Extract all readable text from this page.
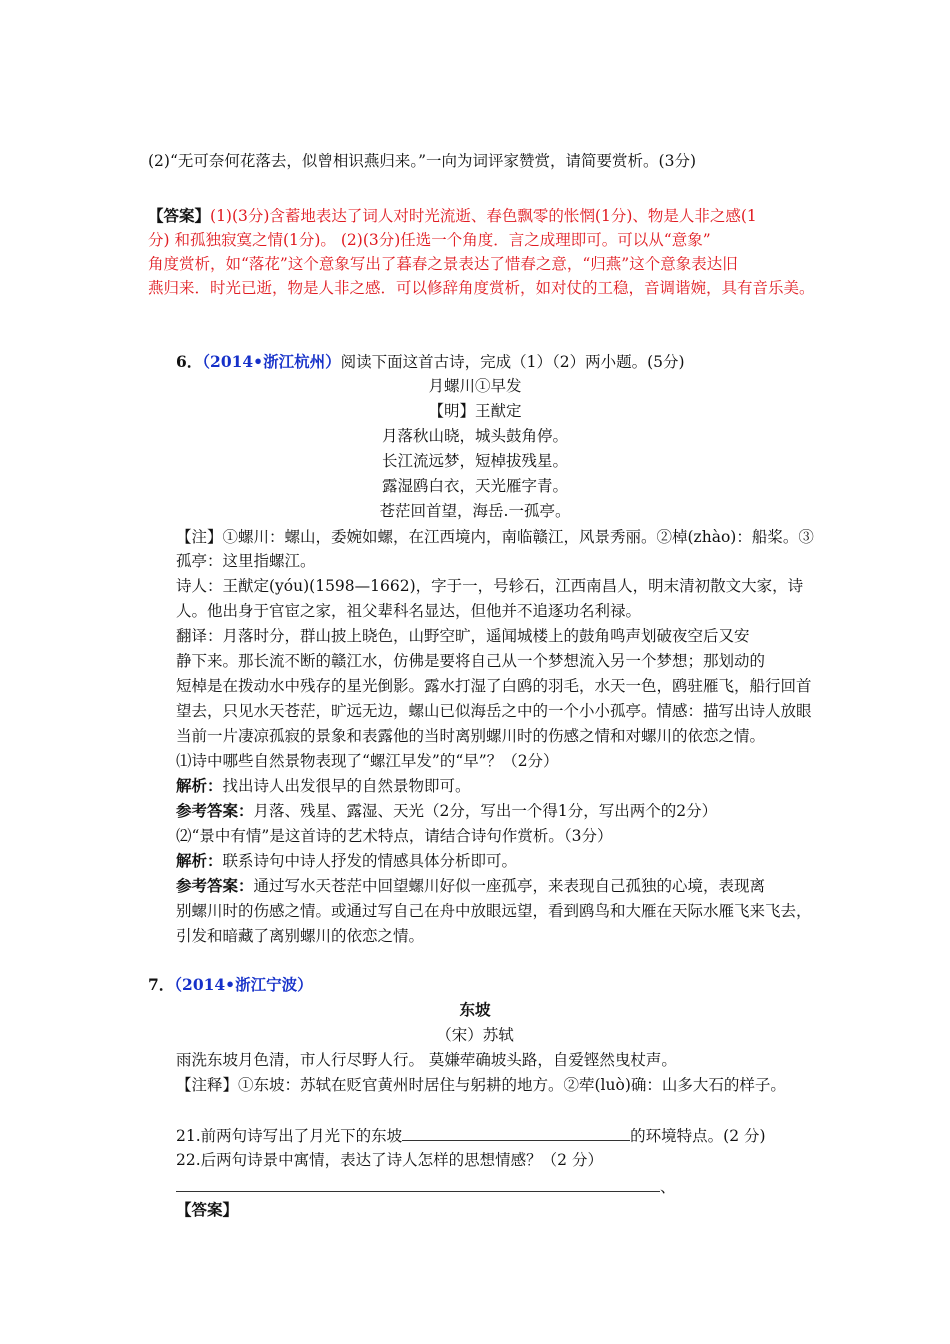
(2)“无可奈何花落去，似曾相识燕归来。”一向为词评家赞赏，请简要赏析。(3分)
【答案】(1)(3分)含蓄地表达了词人对时光流逝、春色飘零的怅惘(1分)、物是人非之感(1
分) 和孤独寂寞之情(1分)。 (2)(3分)任选一个角度．言之成理即可。可以从“意象”
角度赏析，如“落花”这个意象写出了暮春之景表达了惜春之意，“归燕”这个意象表达旧
燕归来．时光已逝，物是人非之感．可以修辞角度赏析，如对仗的工稳，音调谐婉，具有音乐美。
6．（2014•浙江杭州）阅读下面这首古诗，完成（1）（2）两小题。(5分)
月螺川①早发
【明】王猷定
月落秋山晓，城头鼓角停。
长江流远梦，短棹拔残星。
露湿鸥白衣，天光雁字青。
苍茫回首望，海岳.一孤亭。
【注】①螺川：螺山，委婉如螺，在江西境内，南临赣江，风景秀丽。②棹(zhào)：船桨。③
孤亭：这里指螺江。
诗人：王猷定(yóu)(1598—1662)，字于一，号轸石，江西南昌人，明末清初散文大家，诗
人。他出身于官宦之家，祖父辈科名显达，但他并不追逐功名利禄。
翻译：月落时分，群山披上晓色，山野空旷，遥闻城楼上的鼓角鸣声划破夜空后又安
静下来。那长流不断的赣江水，仿佛是要将自己从一个梦想流入另一个梦想；那划动的
短棹是在拨动水中残存的星光倒影。露水打湿了白鸥的羽毛，水天一色，鸥驻雁飞，船行回首
望去，只见水天苍茫，旷远无边，螺山已似海岳之中的一个小小孤亭。情感：描写出诗人放眼
当前一片凄凉孤寂的景象和表露他的当时离别螺川时的伤感之情和对螺川的依恋之情。
⑴诗中哪些自然景物表现了“螺江早发”的“早”？（2分）
解析：找出诗人出发很早的自然景物即可。
参考答案：月落、残星、露湿、天光（2分，写出一个得1分，写出两个的2分）
⑵“景中有情”是这首诗的艺术特点，请结合诗句作赏析。（3分）
解析：联系诗句中诗人抒发的情感具体分析即可。
参考答案：通过写水天苍茫中回望螺川好似一座孤亭，来表现自己孤独的心境，表现离
别螺川时的伤感之情。或通过写自己在舟中放眼远望，看到鸥鸟和大雁在天际水雁飞来飞去，
引发和暗藏了离别螺川的依恋之情。
7．（2014•浙江宁波）
东坡
（宋）苏轼
雨洗东坡月色清，市人行尽野人行。 莫嫌荦确坡头路，自爱铿然曳杖声。
【注释】①东坡：苏轼在贬官黄州时居住与躬耕的地方。②荦(luò)确：山多大石的样子。
21.前两句诗写出了月光下的东坡	的环境特点。(2 分)
22.后两句诗景中寓情，表达了诗人怎样的思想情感？（2 分）
、
【答案】
